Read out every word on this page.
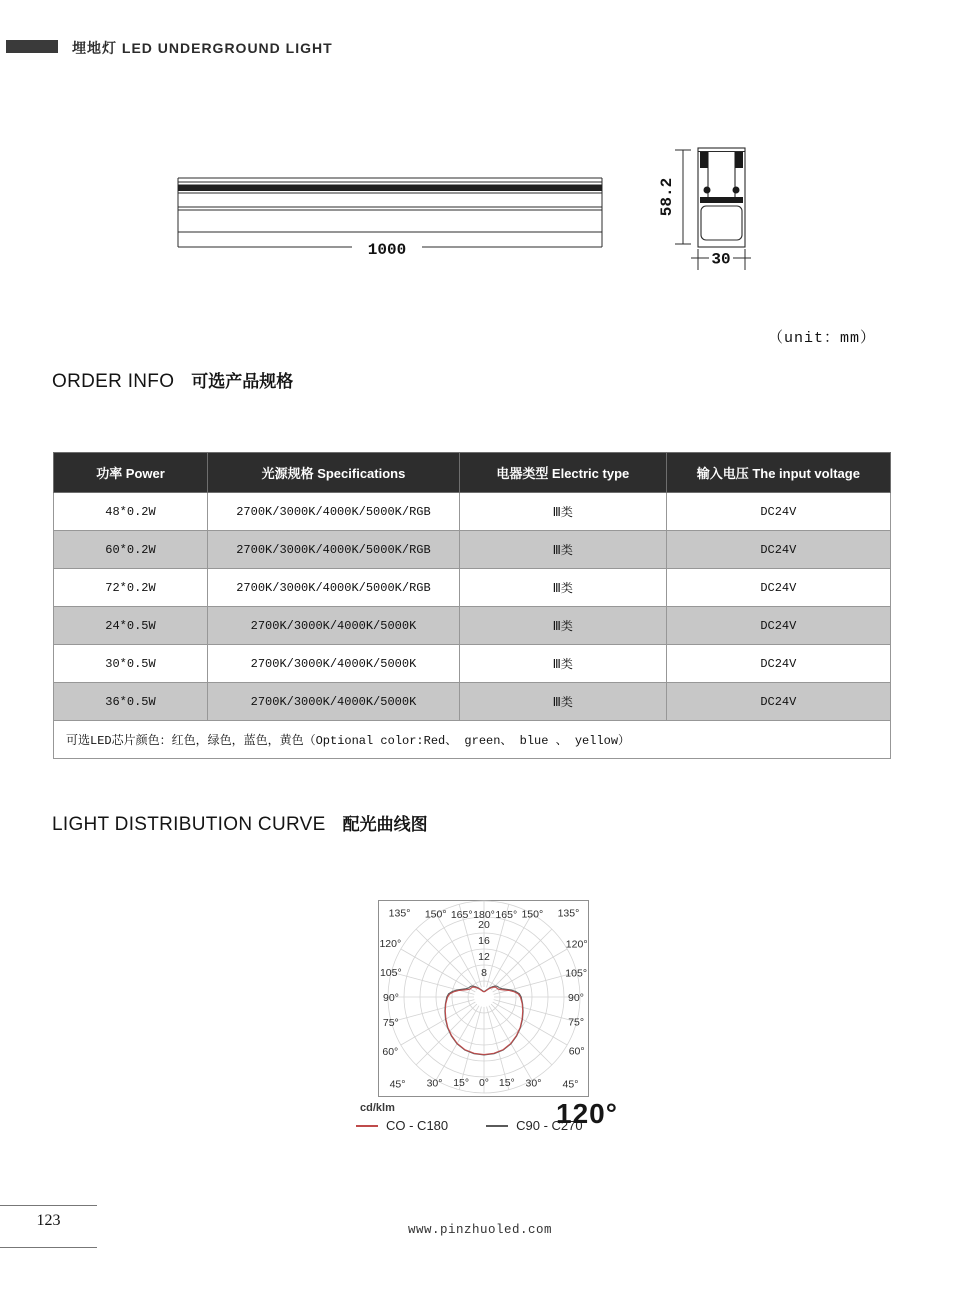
埋地灯 LED UNDERGROUND LIGHT
1000
58.2
30
（unit：mm）
ORDER INFO 可选产品规格
功率 Power	光源规格 Specifications	电器类型 Electric type	输入电压 The input voltage
48*0.2W	2700K/3000K/4000K/5000K/RGB	Ⅲ类	DC24V
60*0.2W	2700K/3000K/4000K/5000K/RGB	Ⅲ类	DC24V
72*0.2W	2700K/3000K/4000K/5000K/RGB	Ⅲ类	DC24V
24*0.5W	2700K/3000K/4000K/5000K	Ⅲ类	DC24V
30*0.5W	2700K/3000K/4000K/5000K	Ⅲ类	DC24V
36*0.5W	2700K/3000K/4000K/5000K	Ⅲ类	DC24V
可选LED芯片颜色：红色，绿色，蓝色，黄色（Optional color:Red、 green、 blue 、 yellow）			
LIGHT DISTRIBUTION CURVE 配光曲线图
8
12
16
20
0°
15°	15°
30°	30°
45°	45°
60°	60°
75°	75°
90°	90°
105°	105°
120°	120°
135°	135°
150°	150°
165° 165°
180°
cd/klm
CO - C180	C90 - C270
120°
123
www.pinzhuoled.com
